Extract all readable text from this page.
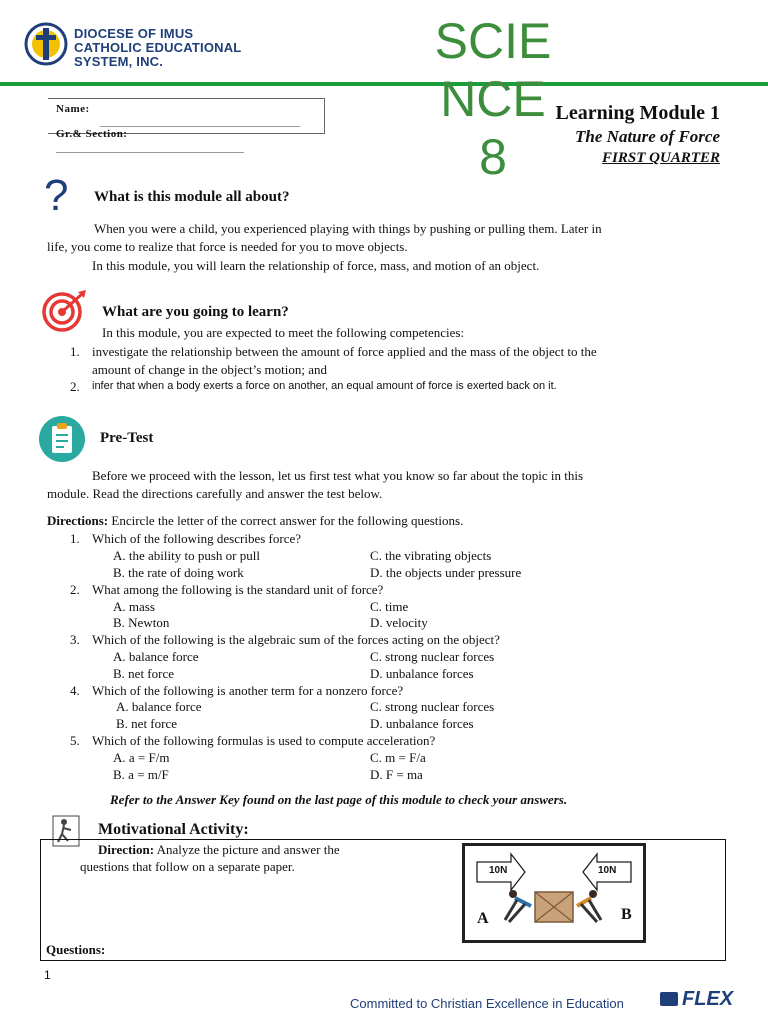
DIOCESE OF IMUS
CATHOLIC EDUCATIONAL
SYSTEM, INC.	SCIE
NCE
Name:
Gr.& Section:
Learning Module 1
The Nature of Force
FIRST QUARTER
8
? What is this module all about?
When you were a child, you experienced playing with things by pushing or pulling them. Later in
life, you come to realize that force is needed for you to move objects.
In this module, you will learn the relationship of force, mass, and motion of an object.
What are you going to learn?
In this module, you are expected to meet the following competencies:
1. investigate the relationship between the amount of force applied and the mass of the object to the
amount of change in the object’s motion; and
2. infer that when a body exerts a force on another, an equal amount of force is exerted back on it.
Pre-Test
Before we proceed with the lesson, let us first test what you know so far about the topic in this
module. Read the directions carefully and answer the test below.
Directions: Encircle the letter of the correct answer for the following questions.
1. Which of the following describes force?
A. the ability to push or pull	C. the vibrating objects
B. the rate of doing work	D. the objects under pressure
2. What among the following is the standard unit of force?
A. mass	C. time
B. Newton	D. velocity
3. Which of the following is the algebraic sum of the forces acting on the object?
A. balance force	C. strong nuclear forces
B. net force	D. unbalance forces
4. Which of the following is another term for a nonzero force?
A. balance force	C. strong nuclear forces
B. net force	D. unbalance forces
5. Which of the following formulas is used to compute acceleration?
A. a = F/m	C. m = F/a
B. a = m/F	D. F = ma
Refer to the Answer Key found on the last page of this module to check your answers.
Motivational Activity:
Direction: Analyze the picture and answer the
questions that follow on a separate paper.	10N	10N
A	B
Questions:
1
Committed to Christian Excellence in Education	FLEX
